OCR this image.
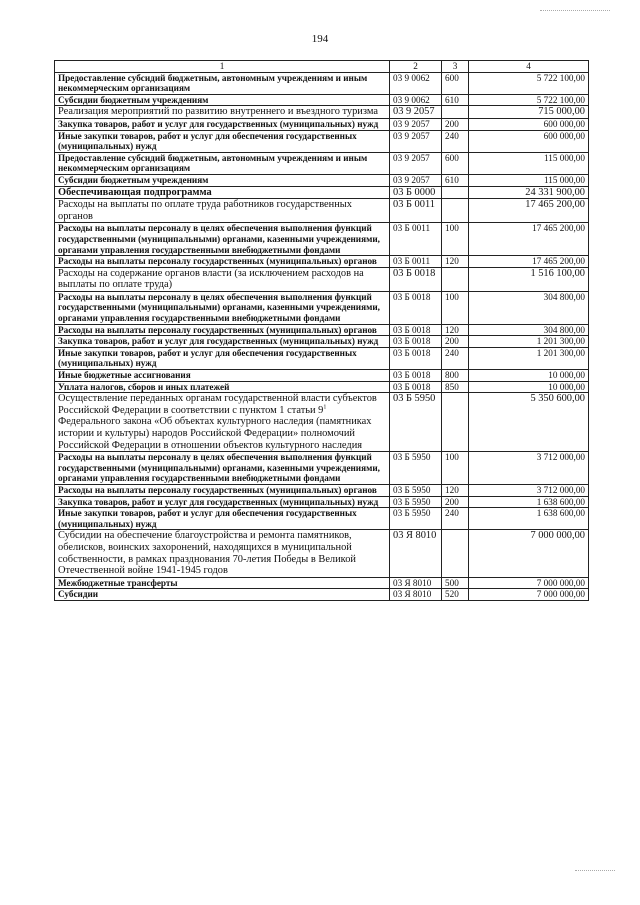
194
1	2	3	4
Предоставление субсидий бюджетным, автономным учреждениям и иным некоммерческим организациям	03 9 0062	600	5 722 100,00
Субсидии бюджетным учреждениям	03 9 0062	610	5 722 100,00
Реализация мероприятий по развитию внутреннего и въездного туризма	03 9 2057		715 000,00
Закупка товаров, работ и услуг для государственных (муниципальных) нужд	03 9 2057	200	600 000,00
Иные закупки товаров, работ и услуг для обеспечения государственных (муниципальных) нужд	03 9 2057	240	600 000,00
Предоставление субсидий бюджетным, автономным учреждениям и иным некоммерческим организациям	03 9 2057	600	115 000,00
Субсидии бюджетным учреждениям	03 9 2057	610	115 000,00
Обеспечивающая подпрограмма	03 Б 0000		24 331 900,00
Расходы на выплаты по оплате труда работников государственных органов	03 Б 0011		17 465 200,00
Расходы на выплаты персоналу в целях обеспечения выполнения функций государственными (муниципальными) органами, казенными учреждениями, органами управления государственными внебюджетными фондами	03 Б 0011	100	17 465 200,00
Расходы на выплаты персоналу государственных (муниципальных) органов	03 Б 0011	120	17 465 200,00
Расходы на содержание органов власти (за исключением расходов на выплаты по оплате труда)	03 Б 0018		1 516 100,00
Расходы на выплаты персоналу в целях обеспечения выполнения функций государственными (муниципальными) органами, казенными учреждениями, органами управления государственными внебюджетными фондами	03 Б 0018	100	304 800,00
Расходы на выплаты персоналу государственных (муниципальных) органов	03 Б 0018	120	304 800,00
Закупка товаров, работ и услуг для государственных (муниципальных) нужд	03 Б 0018	200	1 201 300,00
Иные закупки товаров, работ и услуг для обеспечения государственных (муниципальных) нужд	03 Б 0018	240	1 201 300,00
Иные бюджетные ассигнования	03 Б 0018	800	10 000,00
Уплата налогов, сборов и иных платежей	03 Б 0018	850	10 000,00
Осуществление переданных органам государственной власти субъектов Российской Федерации в соответствии с пунктом 1 статьи $9^1$ Федерального закона «Об объектах культурного наследия (памятниках истории и культуры) народов Российской Федерации» полномочий Российской Федерации в отношении объектов культурного наследия	03 Б 5950		5 350 600,00
Расходы на выплаты персоналу в целях обеспечения выполнения функций государственными (муниципальными) органами, казенными учреждениями, органами управления государственными внебюджетными фондами	03 Б 5950	100	3 712 000,00
Расходы на выплаты персоналу государственных (муниципальных) органов	03 Б 5950	120	3 712 000,00
Закупка товаров, работ и услуг для государственных (муниципальных) нужд	03 Б 5950	200	1 638 600,00
Иные закупки товаров, работ и услуг для обеспечения государственных (муниципальных) нужд	03 Б 5950	240	1 638 600,00
Субсидии на обеспечение благоустройства и ремонта памятников, обелисков, воинских захоронений, находящихся в муниципальной собственности, в рамках празднования 70-летия Победы в Великой Отечественной войне 1941-1945 годов	03 Я 8010		7 000 000,00
Межбюджетные трансферты	03 Я 8010	500	7 000 000,00
Субсидии	03 Я 8010	520	7 000 000,00
